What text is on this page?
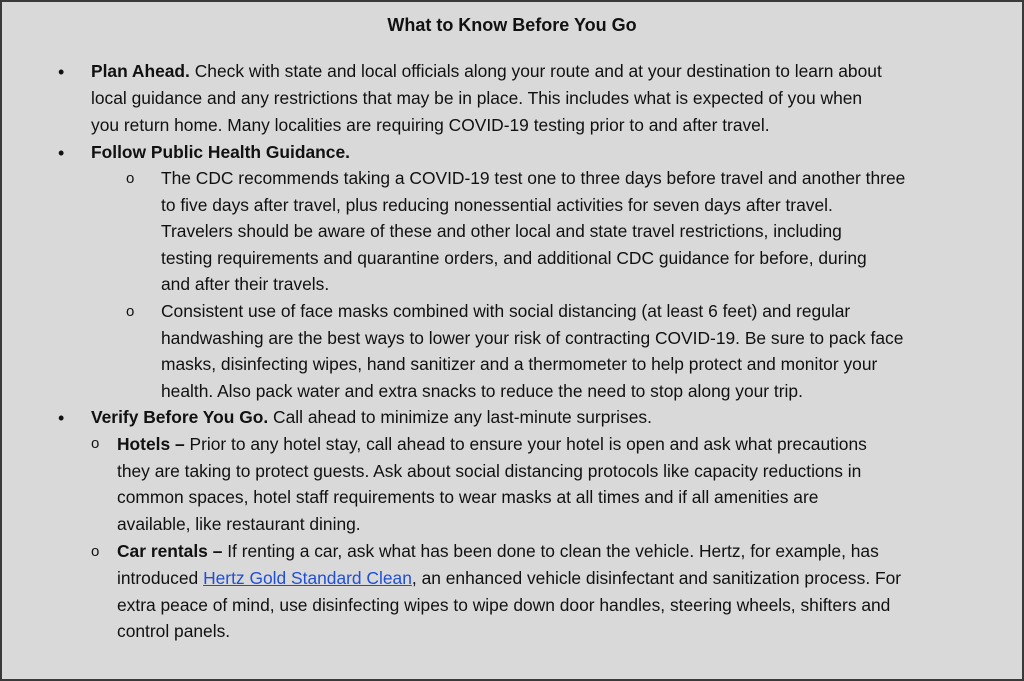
What to Know Before You Go
• Plan Ahead. Check with state and local officials along your route and at your destination to learn about
local guidance and any restrictions that may be in place. This includes what is expected of you when
you return home. Many localities are requiring COVID-19 testing prior to and after travel.
• Follow Public Health Guidance.
o The CDC recommends taking a COVID-19 test one to three days before travel and another three
to five days after travel, plus reducing nonessential activities for seven days after travel.
Travelers should be aware of these and other local and state travel restrictions, including
testing requirements and quarantine orders, and additional CDC guidance for before, during
and after their travels.
o Consistent use of face masks combined with social distancing (at least 6 feet) and regular
handwashing are the best ways to lower your risk of contracting COVID-19. Be sure to pack face
masks, disinfecting wipes, hand sanitizer and a thermometer to help protect and monitor your
health. Also pack water and extra snacks to reduce the need to stop along your trip.
• Verify Before You Go. Call ahead to minimize any last-minute surprises.
o Hotels – Prior to any hotel stay, call ahead to ensure your hotel is open and ask what precautions
they are taking to protect guests. Ask about social distancing protocols like capacity reductions in
common spaces, hotel staff requirements to wear masks at all times and if all amenities are
available, like restaurant dining.
o Car rentals – If renting a car, ask what has been done to clean the vehicle. Hertz, for example, has
introduced Hertz Gold Standard Clean, an enhanced vehicle disinfectant and sanitization process. For
extra peace of mind, use disinfecting wipes to wipe down door handles, steering wheels, shifters and
control panels.
